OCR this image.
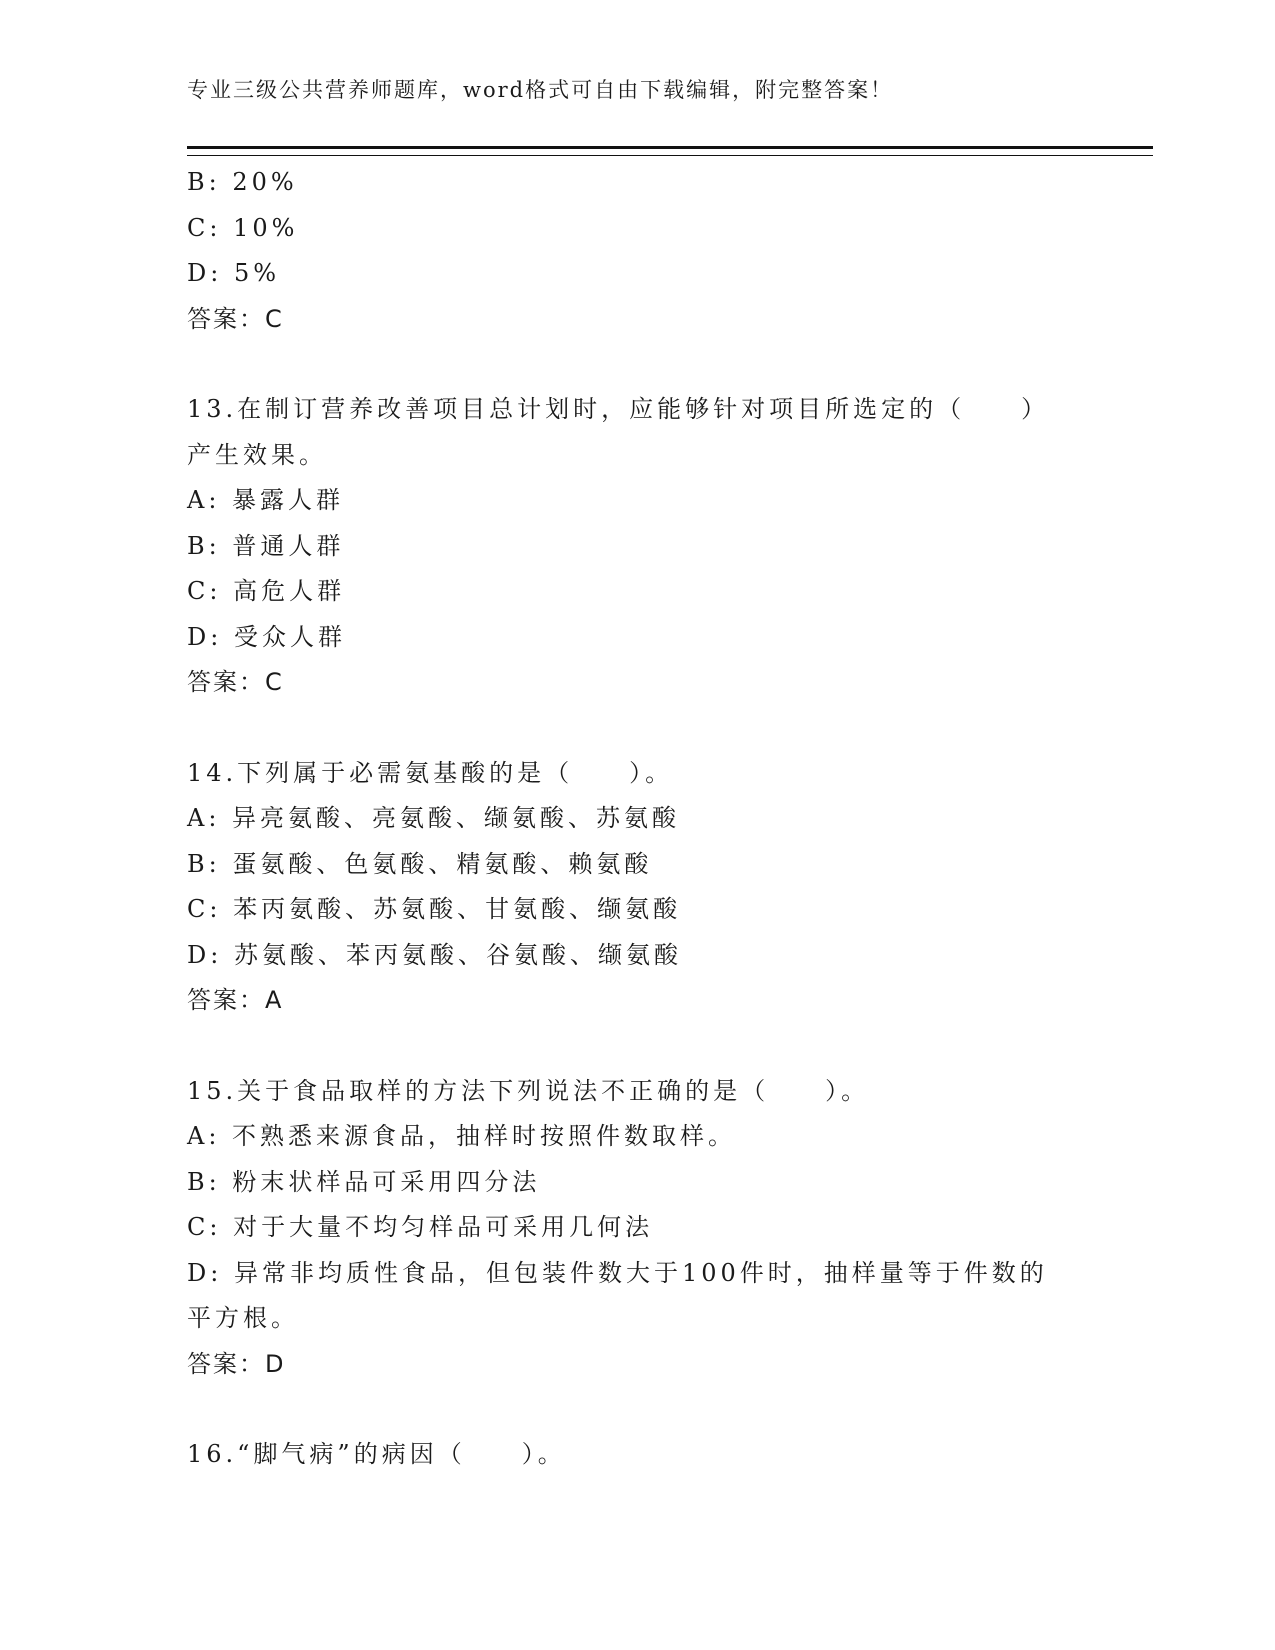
专业三级公共营养师题库，word格式可自由下载编辑，附完整答案！
B: 20%
C: 10%
D: 5%
答案：C
13.在制订营养改善项目总计划时，应能够针对项目所选定的（　　）
产生效果。
A: 暴露人群
B: 普通人群
C: 高危人群
D: 受众人群
答案：C
14.下列属于必需氨基酸的是（　　）。
A: 异亮氨酸、亮氨酸、缬氨酸、苏氨酸
B: 蛋氨酸、色氨酸、精氨酸、赖氨酸
C: 苯丙氨酸、苏氨酸、甘氨酸、缬氨酸
D: 苏氨酸、苯丙氨酸、谷氨酸、缬氨酸
答案：A
15.关于食品取样的方法下列说法不正确的是（　　）。
A: 不熟悉来源食品，抽样时按照件数取样。
B: 粉末状样品可采用四分法
C: 对于大量不均匀样品可采用几何法
D: 异常非均质性食品，但包装件数大于100件时，抽样量等于件数的
平方根。
答案：D
16.“脚气病”的病因（　　）。
